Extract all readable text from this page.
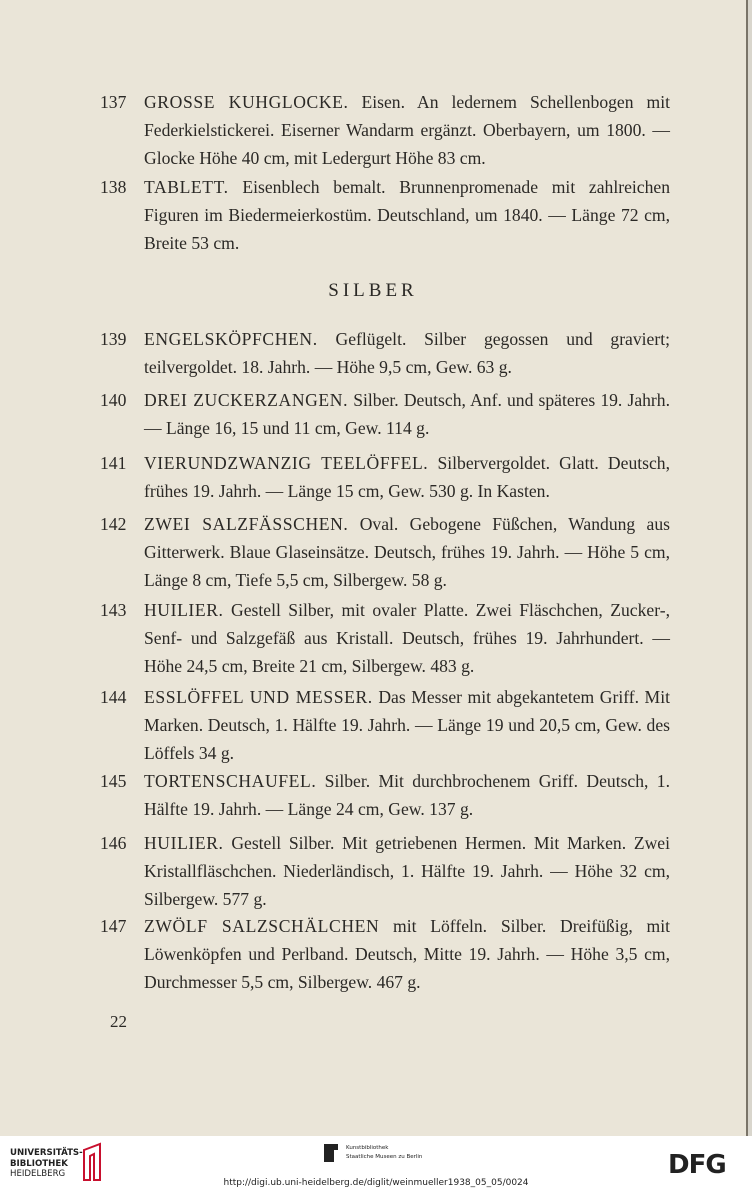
137	GROSSE KUHGLOCKE. Eisen. An ledernem Schellenbogen mit Federkielstickerei. Eiserner Wandarm ergänzt. Oberbayern, um 1800. — Glocke Höhe 40 cm, mit Ledergurt Höhe 83 cm.
138	TABLETT. Eisenblech bemalt. Brunnenpromenade mit zahlreichen Figuren im Biedermeierkostüm. Deutschland, um 1840. — Länge 72 cm, Breite 53 cm.
SILBER
139	ENGELSKÖPFCHEN. Geflügelt. Silber gegossen und graviert; teilvergoldet. 18. Jahrh. — Höhe 9,5 cm, Gew. 63 g.
140	DREI ZUCKERZANGEN. Silber. Deutsch, Anf. und späteres 19. Jahrh. — Länge 16, 15 und 11 cm, Gew. 114 g.
141	VIERUNDZWANZIG TEELÖFFEL. Silbervergoldet. Glatt. Deutsch, frühes 19. Jahrh. — Länge 15 cm, Gew. 530 g. In Kasten.
142	ZWEI SALZFÄSSCHEN. Oval. Gebogene Füßchen, Wandung aus Gitterwerk. Blaue Glaseinsätze. Deutsch, frühes 19. Jahrh. — Höhe 5 cm, Länge 8 cm, Tiefe 5,5 cm, Silbergew. 58 g.
143	HUILIER. Gestell Silber, mit ovaler Platte. Zwei Fläschchen, Zucker-, Senf- und Salzgefäß aus Kristall. Deutsch, frühes 19. Jahrhundert. — Höhe 24,5 cm, Breite 21 cm, Silbergew. 483 g.
144	ESSLÖFFEL UND MESSER. Das Messer mit abgekantetem Griff. Mit Marken. Deutsch, 1. Hälfte 19. Jahrh. — Länge 19 und 20,5 cm, Gew. des Löffels 34 g.
145	TORTENSCHAUFEL. Silber. Mit durchbrochenem Griff. Deutsch, 1. Hälfte 19. Jahrh. — Länge 24 cm, Gew. 137 g.
146	HUILIER. Gestell Silber. Mit getriebenen Hermen. Mit Marken. Zwei Kristallfläschchen. Niederländisch, 1. Hälfte 19. Jahrh. — Höhe 32 cm, Silbergew. 577 g.
147	ZWÖLF SALZSCHÄLCHEN mit Löffeln. Silber. Dreifüßig, mit Löwenköpfen und Perlband. Deutsch, Mitte 19. Jahrh. — Höhe 3,5 cm, Durchmesser 5,5 cm, Silbergew. 467 g.
22
UNIVERSITÄTS-
BIBLIOTHEK
HEIDELBERG
Kunstbibliothek
Staatliche Museen zu Berlin	DFG
http://digi.ub.uni-heidelberg.de/diglit/weinmueller1938_05_05/0024
